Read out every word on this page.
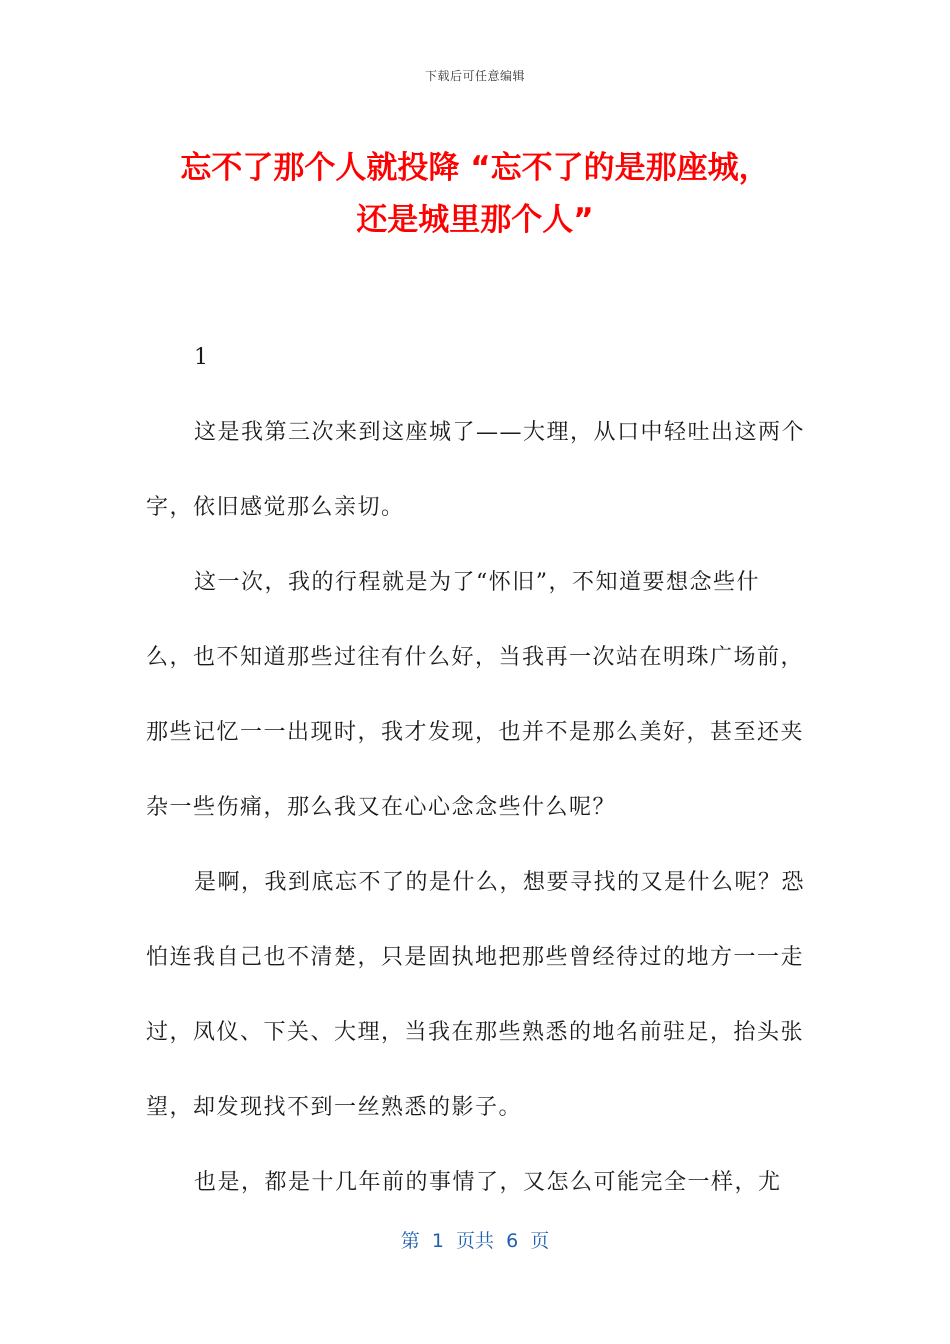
下载后可任意编辑
忘不了那个人就投降 “忘不了的是那座城，
还是城里那个人”

1

这是我第三次来到这座城了——大理，从口中轻吐出这两个字，依旧感觉那么亲切。

这一次，我的行程就是为了“怀旧”，不知道要想念些什么，也不知道那些过往有什么好，当我再一次站在明珠广场前，那些记忆一一出现时，我才发现，也并不是那么美好，甚至还夹杂一些伤痛，那么我又在心心念念些什么呢？

是啊，我到底忘不了的是什么，想要寻找的又是什么呢？恐怕连我自己也不清楚，只是固执地把那些曾经待过的地方一一走过，凤仪、下关、大理，当我在那些熟悉的地名前驻足，抬头张望，却发现找不到一丝熟悉的影子。

也是，都是十几年前的事情了，又怎么可能完全一样，尤

第  1  页共  6  页
